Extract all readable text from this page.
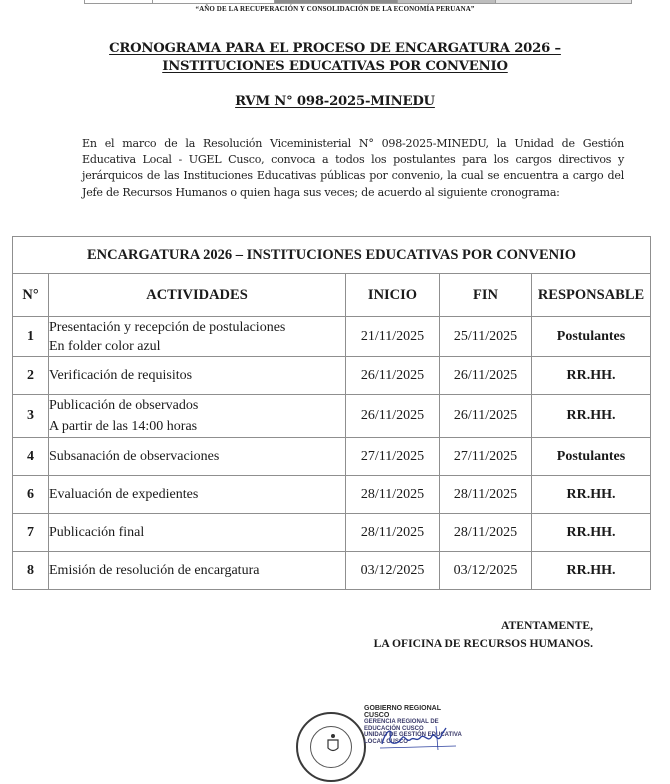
“AÑO DE LA RECUPERACIÓN Y CONSOLIDACIÓN DE LA ECONOMÍA PERUANA”
CRONOGRAMA PARA EL PROCESO DE ENCARGATURA 2026 –
INSTITUCIONES EDUCATIVAS POR CONVENIO
RVM N° 098-2025-MINEDU

En el marco de la Resolución Viceministerial N° 098-2025-MINEDU, la Unidad de Gestión Educativa Local - UGEL Cusco, convoca a todos los postulantes para los cargos directivos y jerárquicos de las Instituciones Educativas públicas por convenio, la cual se encuentra a cargo del Jefe de Recursos Humanos o quien haga sus veces; de acuerdo al siguiente cronograma:

ENCARGATURA 2026 – INSTITUCIONES EDUCATIVAS POR CONVENIO				
N°	ACTIVIDADES	INICIO	FIN	RESPONSABLE
1	Presentación y recepción de postulaciones
En folder color azul	21/11/2025	25/11/2025	Postulantes
2	Verificación de requisitos	26/11/2025	26/11/2025	RR.HH.
3	Publicación de observados
A partir de las 14:00 horas	26/11/2025	26/11/2025	RR.HH.
4	Subsanación de observaciones	27/11/2025	27/11/2025	Postulantes
6	Evaluación de expedientes	28/11/2025	28/11/2025	RR.HH.
7	Publicación final	28/11/2025	28/11/2025	RR.HH.
8	Emisión de resolución de encargatura	03/12/2025	03/12/2025	RR.HH.
ATENTAMENTE,
LA OFICINA DE RECURSOS HUMANOS.
GOBIERNO REGIONAL CUSCO
GERENCIA REGIONAL DE EDUCACIÓN CUSCO
UNIDAD DE GESTIÓN EDUCATIVA LOCAL CUSCO
